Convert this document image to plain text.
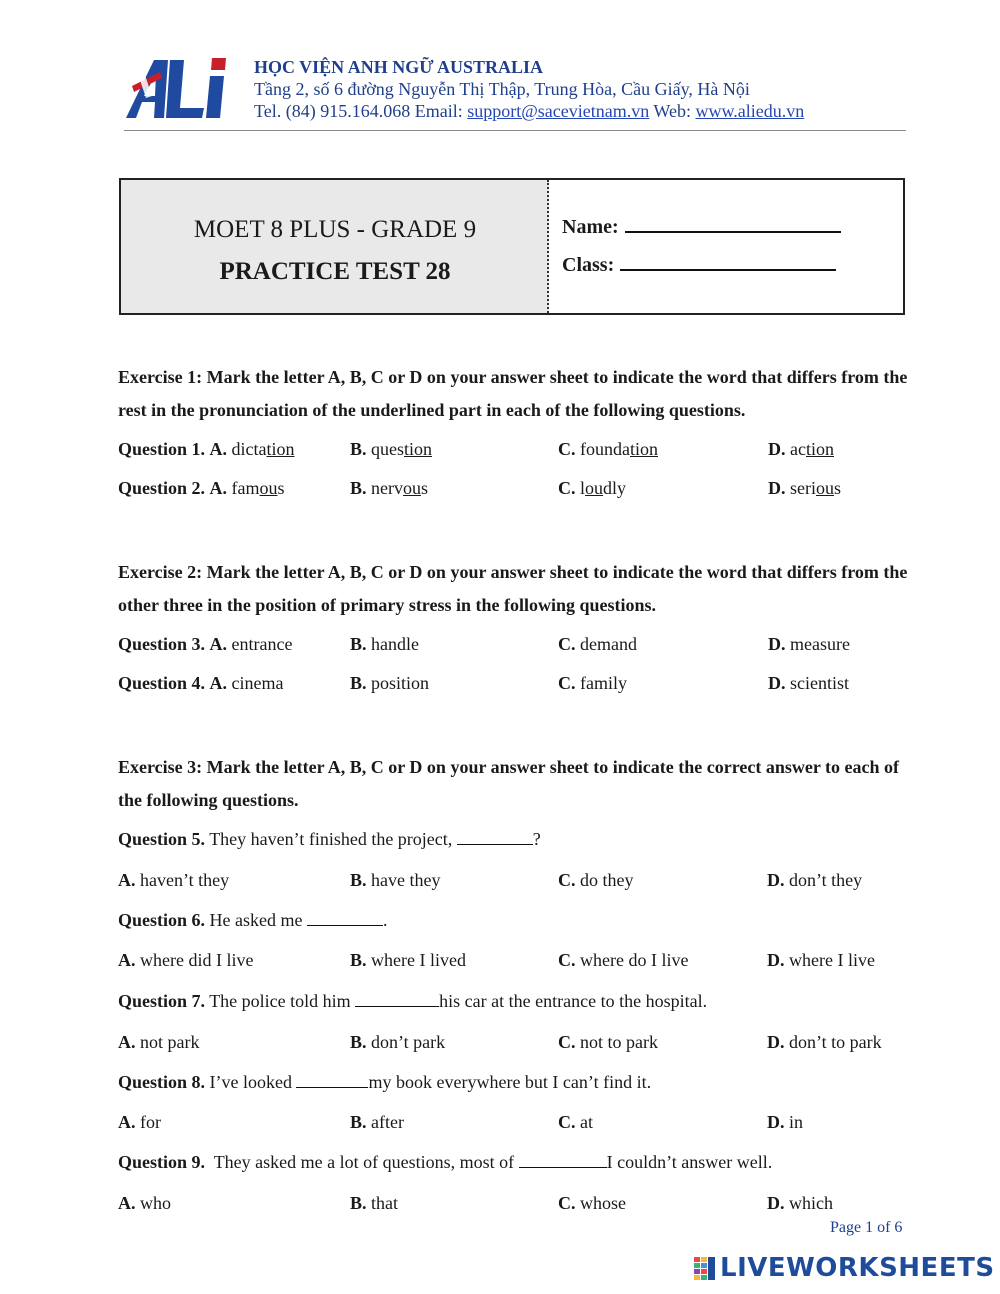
HỌC VIỆN ANH NGỮ AUSTRALIA
Tầng 2, số 6 đường Nguyễn Thị Thập, Trung Hòa, Cầu Giấy, Hà Nội
Tel. (84) 915.164.068 Email: support@sacevietnam.vn Web: www.aliedu.vn
MOET 8 PLUS - GRADE 9
PRACTICE TEST 28
Name:
Class:
Exercise 1: Mark the letter A, B, C or D on your answer sheet to indicate the word that differs from the rest in the pronunciation of the underlined part in each of the following questions.
Question 1. A. dictation	B. question	C. foundation	D. action
Question 2. A. famous	B. nervous	C. loudly	D. serious
Exercise 2: Mark the letter A, B, C or D on your answer sheet to indicate the word that differs from the other three in the position of primary stress in the following questions.
Question 3. A. entrance	B. handle	C. demand	D. measure
Question 4. A. cinema	B. position	C. family	D. scientist
Exercise 3: Mark the letter A, B, C or D on your answer sheet to indicate the correct answer to each of the following questions.
Question 5. They haven’t finished the project,	?
A. haven’t they	B. have they	C. do they	D. don’t they
Question 6. He asked me	.
A. where did I live	B. where I lived	C. where do I live	D. where I live
Question 7. The police told him	his car at the entrance to the hospital.
A. not park	B. don’t park	C. not to park	D. don’t to park
Question 8. I’ve looked	my book everywhere but I can’t find it.
A. for	B. after	C. at	D. in
Question 9.  They asked me a lot of questions, most of	I couldn’t answer well.
A. who	B. that	C. whose	D. which
Page 1 of 6
LIVEWORKSHEETS
